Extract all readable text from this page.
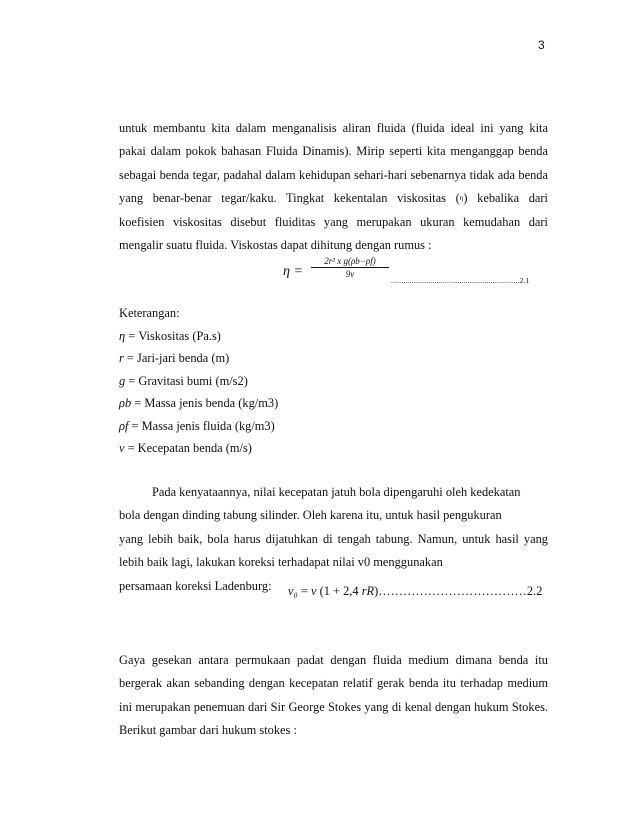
3

untuk membantu kita dalam menganalisis aliran fluida (fluida ideal ini yang kita
pakai dalam pokok bahasan Fluida Dinamis). Mirip seperti kita menganggap benda
sebagai benda tegar, padahal dalam kehidupan sehari-hari sebenarnya tidak ada benda
yang benar-benar tegar/kaku. Tingkat kekentalan viskositas (η) kebalika dari
koefisien viskositas disebut fluiditas yang merupakan ukuran kemudahan dari
mengalir suatu fluida. Viskostas dapat dihitung dengan rumus :

η =
2r² x g(ρb−ρf)
9v
..............................................................2.1
Keterangan:
η = Viskositas (Pa.s)
r = Jari-jari benda (m)
g = Gravitasi bumi (m/s2)
ρb = Massa jenis benda (kg/m3)
ρf = Massa jenis fluida (kg/m3)
v = Kecepatan benda (m/s)

Pada kenyataannya, nilai kecepatan jatuh bola dipengaruhi oleh kedekatan
bola dengan dinding tabung silinder. Oleh karena itu, untuk hasil pengukuran
yang lebih baik, bola harus dijatuhkan di tengah tabung. Namun, untuk hasil yang
lebih baik lagi, lakukan koreksi terhadapat nilai v0 menggunakan
persamaan koreksi Ladenburg:	v₀ = v (1 + 2,4 rR)………………………………2.2

Gaya gesekan antara permukaan padat dengan fluida medium dimana benda itu
bergerak akan sebanding dengan kecepatan relatif gerak benda itu terhadap medium
ini merupakan penemuan dari Sir George Stokes yang di kenal dengan hukum Stokes.
Berikut gambar dari hukum stokes :
